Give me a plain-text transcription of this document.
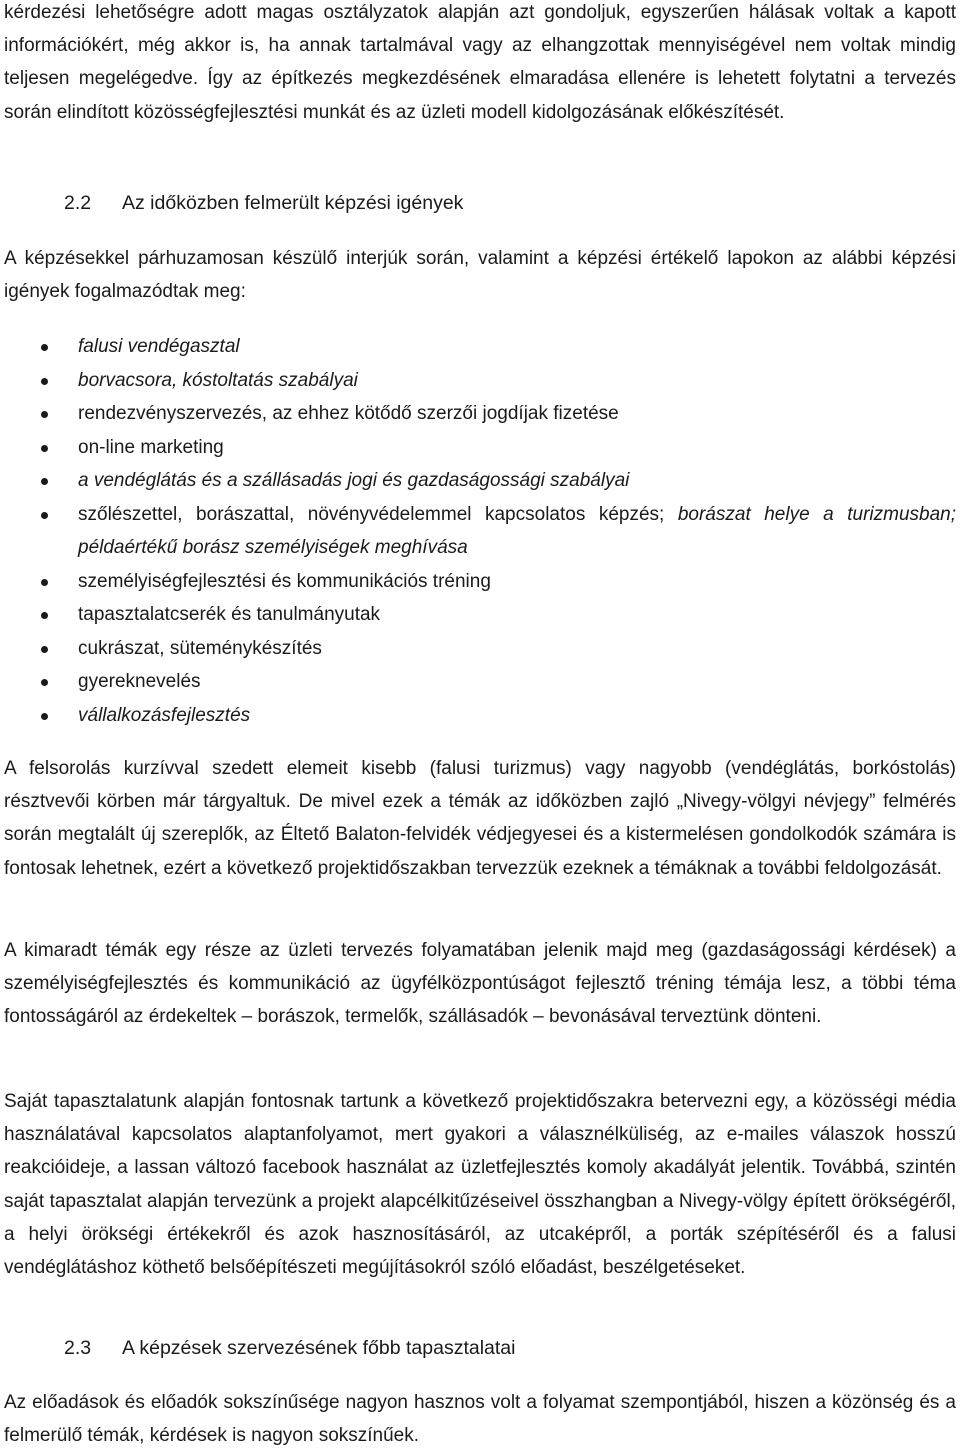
kérdezési lehetőségre adott magas osztályzatok alapján azt gondoljuk, egyszerűen hálásak voltak a kapott információkért, még akkor is, ha annak tartalmával vagy az elhangzottak mennyiségével nem voltak mindig teljesen megelégedve. Így az építkezés megkezdésének elmaradása ellenére is lehetett folytatni a tervezés során elindított közösségfejlesztési munkát és az üzleti modell kidolgozásának előkészítését.

2.2 Az időközben felmerült képzési igények

A képzésekkel párhuzamosan készülő interjúk során, valamint a képzési értékelő lapokon az alábbi képzési igények fogalmazódtak meg:

falusi vendégasztal
borvacsora, kóstoltatás szabályai
rendezvényszervezés, az ehhez kötődő szerzői jogdíjak fizetése
on-line marketing
a vendéglátás és a szállásadás jogi és gazdaságossági szabályai
szőlészettel, borászattal, növényvédelemmel kapcsolatos képzés; borászat helye a turizmusban; példaértékű borász személyiségek meghívása
személyiségfejlesztési és kommunikációs tréning
tapasztalatcserék és tanulmányutak
cukrászat, süteménykészítés
gyereknevelés
vállalkozásfejlesztés

A felsorolás kurzívval szedett elemeit kisebb (falusi turizmus) vagy nagyobb (vendéglátás, borkóstolás) résztvevői körben már tárgyaltuk. De mivel ezek a témák az időközben zajló „Nivegy-völgyi névjegy” felmérés során megtalált új szereplők, az Éltető Balaton-felvidék védjegyesei és a kistermelésen gondolkodók számára is fontosak lehetnek, ezért a következő projektidőszakban tervezzük ezeknek a témáknak a további feldolgozását.

A kimaradt témák egy része az üzleti tervezés folyamatában jelenik majd meg (gazdaságossági kérdések) a személyiségfejlesztés és kommunikáció az ügyfélközpontúságot fejlesztő tréning témája lesz, a többi téma fontosságáról az érdekeltek – borászok, termelők, szállásadók – bevonásával terveztünk dönteni.

Saját tapasztalatunk alapján fontosnak tartunk a következő projektidőszakra betervezni egy, a közösségi média használatával kapcsolatos alaptanfolyamot, mert gyakori a válasznélküliség, az e-mailes válaszok hosszú reakcióideje, a lassan változó facebook használat az üzletfejlesztés komoly akadályát jelentik. Továbbá, szintén saját tapasztalat alapján tervezünk a projekt alapcélkitűzéseivel összhangban a Nivegy-völgy épített örökségéről, a helyi örökségi értékekről és azok hasznosításáról, az utcaképről, a porták szépítéséről és a falusi vendéglátáshoz köthető belsőépítészeti megújításokról szóló előadást, beszélgetéseket.

2.3 A képzések szervezésének főbb tapasztalatai

Az előadások és előadók sokszínűsége nagyon hasznos volt a folyamat szempontjából, hiszen a közönség és a felmerülő témák, kérdések is nagyon sokszínűek.
